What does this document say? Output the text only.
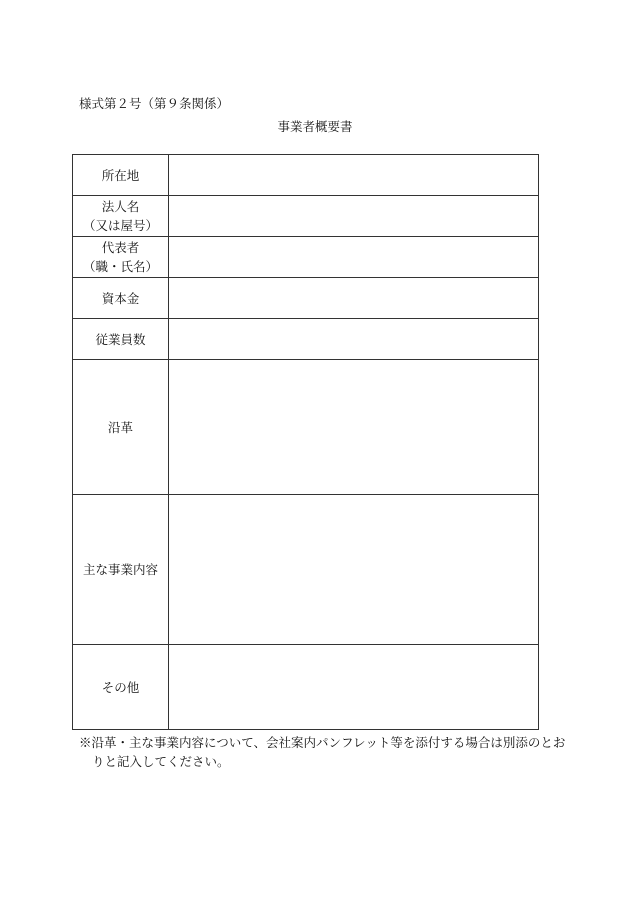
様式第２号（第９条関係）
事業者概要書
所在地	

法人名
（又は屋号）	

代表者
（職・氏名）	

資本金	

従業員数	

沿革	

主な事業内容	

その他	

※沿革・主な事業内容について、会社案内パンフレット等を添付する場合は別添のとお
りと記入してください。
